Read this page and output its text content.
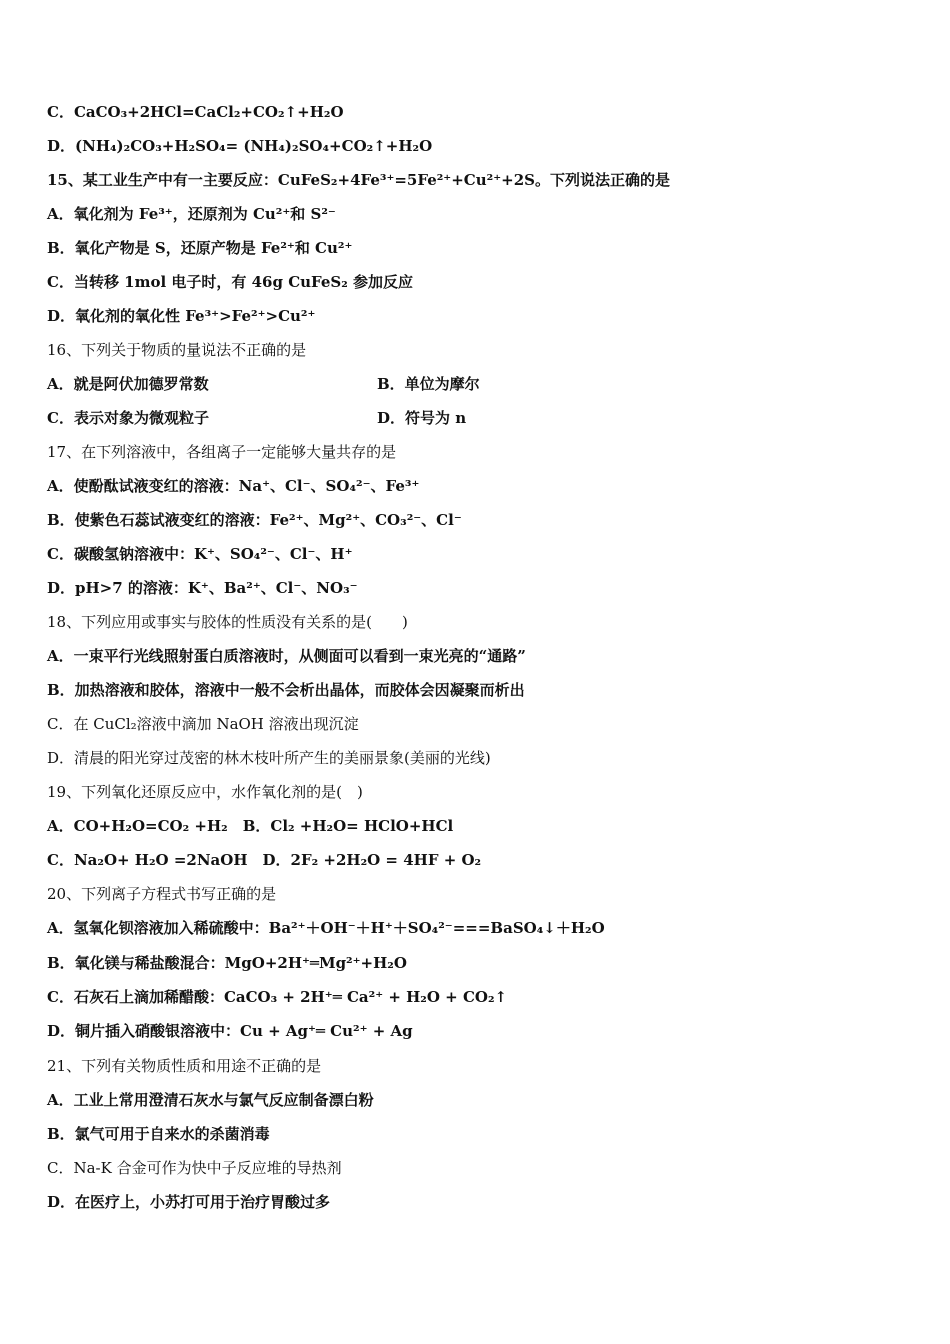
C．CaCO₃+2HCl=CaCl₂+CO₂↑+H₂O
D．(NH₄)₂CO₃+H₂SO₄= (NH₄)₂SO₄+CO₂↑+H₂O
15、某工业生产中有一主要反应：CuFeS₂+4Fe³⁺=5Fe²⁺+Cu²⁺+2S。下列说法正确的是
A．氧化剂为 Fe³⁺，还原剂为 Cu²⁺和 S²⁻
B．氧化产物是 S，还原产物是 Fe²⁺和 Cu²⁺
C．当转移 1mol 电子时，有 46g CuFeS₂ 参加反应
D．氧化剂的氧化性 Fe³⁺>Fe²⁺>Cu²⁺
16、下列关于物质的量说法不正确的是
A．就是阿伏加德罗常数	B．单位为摩尔
C．表示对象为微观粒子	D．符号为 n
17、在下列溶液中，各组离子一定能够大量共存的是
A．使酚酞试液变红的溶液：Na⁺、Cl⁻、SO₄²⁻、Fe³⁺
B．使紫色石蕊试液变红的溶液：Fe²⁺、Mg²⁺、CO₃²⁻、Cl⁻
C．碳酸氢钠溶液中：K⁺、SO₄²⁻、Cl⁻、H⁺
D．pH>7 的溶液：K⁺、Ba²⁺、Cl⁻、NO₃⁻
18、下列应用或事实与胶体的性质没有关系的是(　　)
A．一束平行光线照射蛋白质溶液时，从侧面可以看到一束光亮的“通路”
B．加热溶液和胶体，溶液中一般不会析出晶体，而胶体会因凝聚而析出
C．在 CuCl₂溶液中滴加 NaOH 溶液出现沉淀
D．清晨的阳光穿过茂密的林木枝叶所产生的美丽景象(美丽的光线)
19、下列氧化还原反应中，水作氧化剂的是(　)
A．CO+H₂O=CO₂ +H₂　B．Cl₂ +H₂O= HClO+HCl
C．Na₂O+ H₂O =2NaOH　D．2F₂ +2H₂O = 4HF + O₂
20、下列离子方程式书写正确的是
A．氢氧化钡溶液加入稀硫酸中：Ba²⁺＋OH⁻＋H⁺＋SO₄²⁻===BaSO₄↓＋H₂O
B．氧化镁与稀盐酸混合：MgO+2H⁺═Mg²⁺+H₂O
C．石灰石上滴加稀醋酸：CaCO₃ + 2H⁺═ Ca²⁺ + H₂O + CO₂↑
D．铜片插入硝酸银溶液中：Cu + Ag⁺═ Cu²⁺ + Ag
21、下列有关物质性质和用途不正确的是
A．工业上常用澄清石灰水与氯气反应制备漂白粉
B．氯气可用于自来水的杀菌消毒
C．Na-K 合金可作为快中子反应堆的导热剂
D．在医疗上，小苏打可用于治疗胃酸过多
